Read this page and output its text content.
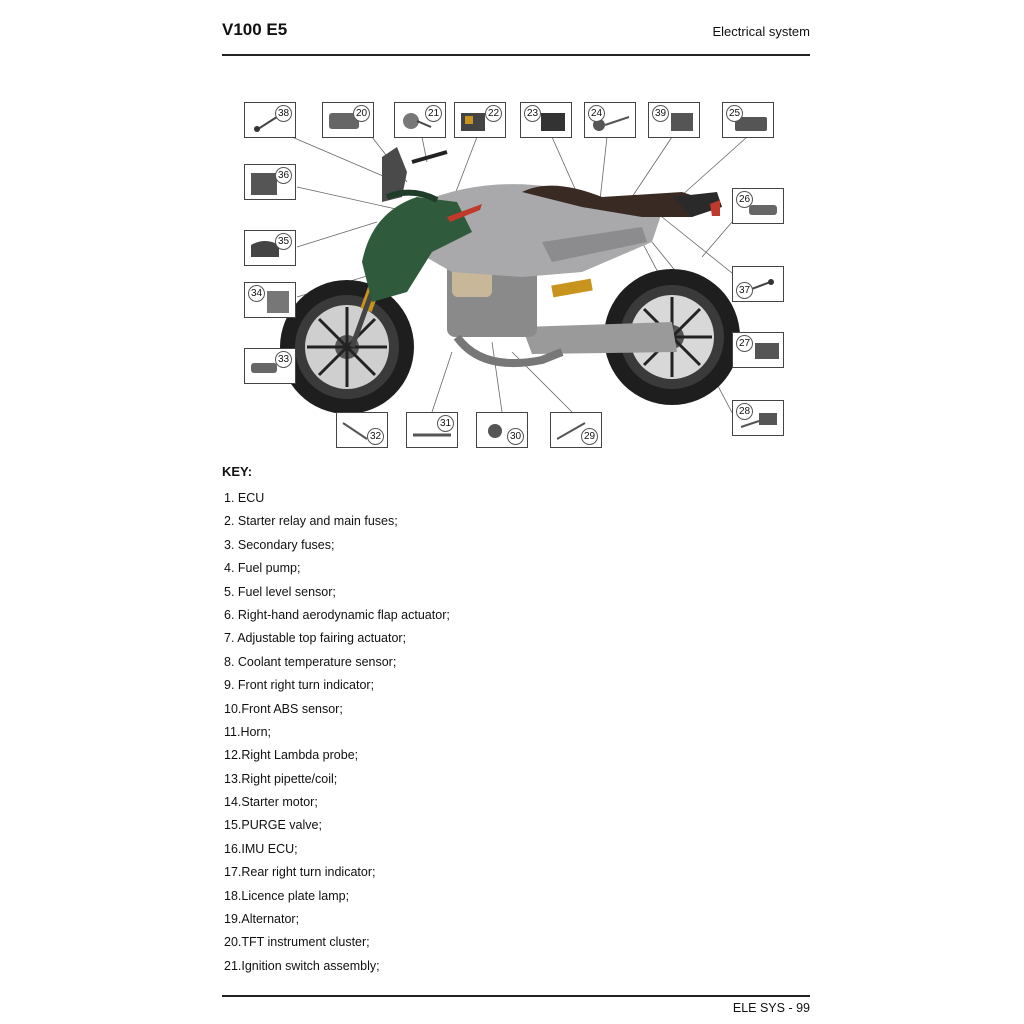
V100 E5	Electrical system
38	20	21	22	23	24	39	25
36
26
35
37
34
27
33
28
32
31
30	29
KEY:
1. ECU
2. Starter relay and main fuses;
3. Secondary fuses;
4. Fuel pump;
5. Fuel level sensor;
6. Right-hand aerodynamic flap actuator;
7. Adjustable top fairing actuator;
8. Coolant temperature sensor;
9. Front right turn indicator;
10.Front ABS sensor;
11.Horn;
12.Right Lambda probe;
13.Right pipette/coil;
14.Starter motor;
15.PURGE valve;
16.IMU ECU;
17.Rear right turn indicator;
18.Licence plate lamp;
19.Alternator;
20.TFT instrument cluster;
21.Ignition switch assembly;
ELE SYS - 99
